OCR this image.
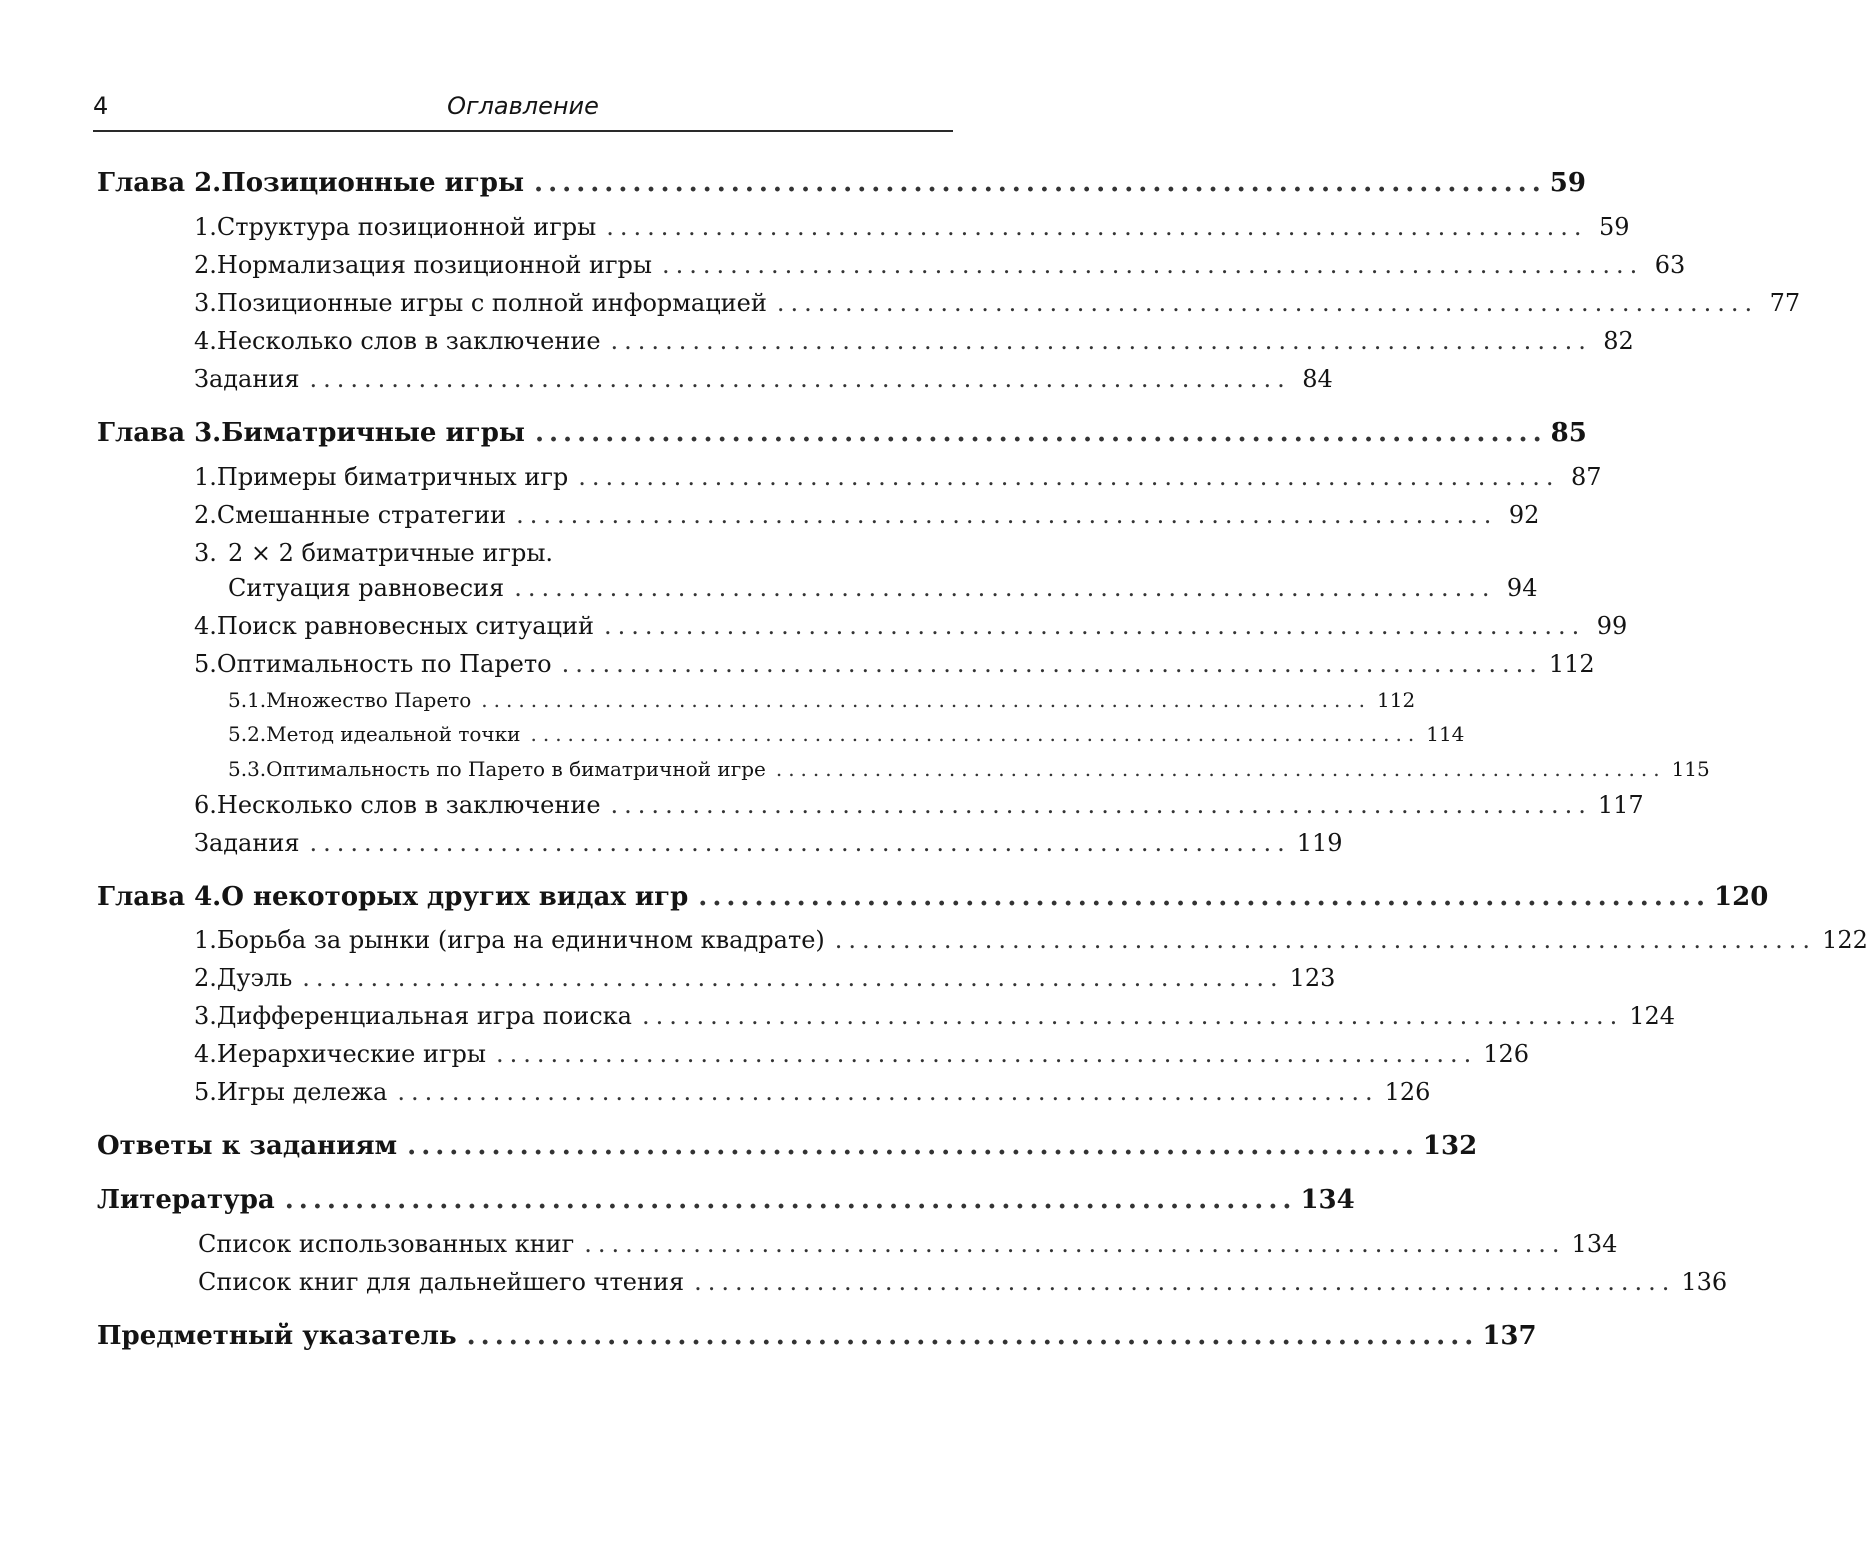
4	Оглавление
Глава 2. Позиционные игры ........................................................................ 59
1. Структура позиционной игры ........................................................................ 59
2. Нормализация позиционной игры ........................................................................ 63
3. Позиционные игры с полной информацией ........................................................................ 77
4. Несколько слов в заключение ........................................................................ 82
Задания ........................................................................ 84
Глава 3. Биматричные игры ........................................................................ 85
1. Примеры биматричных игр ........................................................................ 87
2. Смешанные стратегии ........................................................................ 92
3. 2 × 2 биматричные игры.
Ситуация равновесия ........................................................................ 94
4. Поиск равновесных ситуаций ........................................................................ 99
5. Оптимальность по Парето ........................................................................ 112
5.1. Множество Парето ........................................................................ 112
5.2. Метод идеальной точки ........................................................................ 114
5.3. Оптимальность по Парето в биматричной игре ........................................................................ 115
6. Несколько слов в заключение ........................................................................ 117
Задания ........................................................................ 119
Глава 4. О некоторых других видах игр ........................................................................ 120
1. Борьба за рынки (игра на единичном квадрате) ........................................................................ 122
2. Дуэль ........................................................................ 123
3. Дифференциальная игра поиска ........................................................................ 124
4. Иерархические игры ........................................................................ 126
5. Игры дележа ........................................................................ 126
Ответы к заданиям ........................................................................ 132
Литература ........................................................................ 134
Список использованных книг ........................................................................ 134
Список книг для дальнейшего чтения ........................................................................ 136
Предметный указатель ........................................................................ 137
